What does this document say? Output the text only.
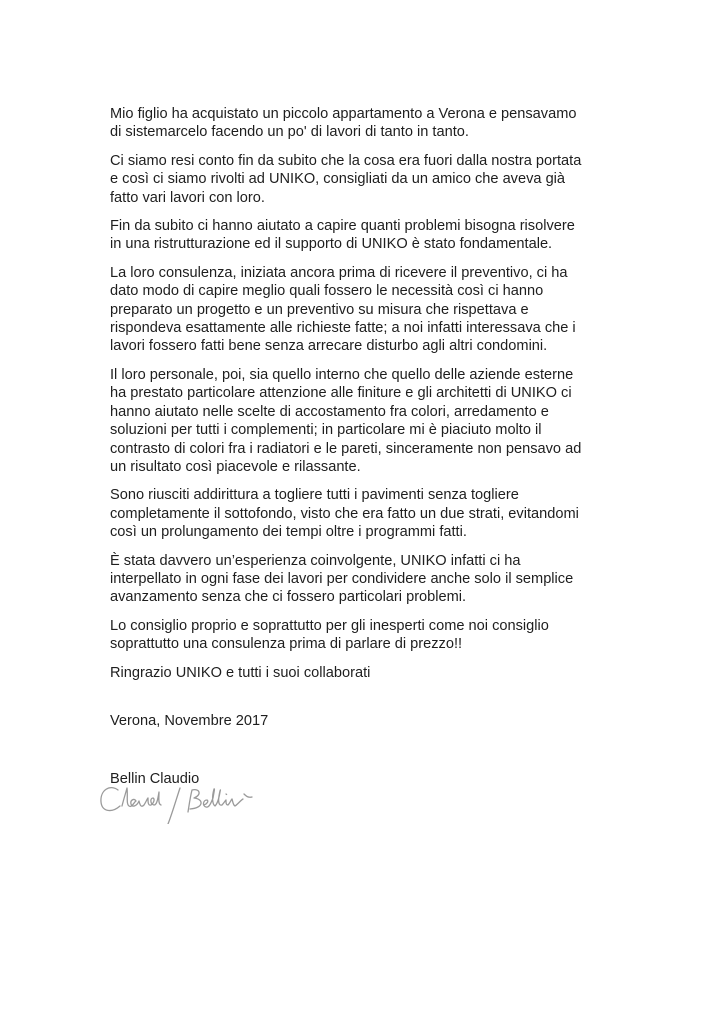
Mio figlio ha acquistato un piccolo appartamento a Verona e pensavamo
di sistemarcelo facendo un po' di lavori di tanto in tanto.

Ci siamo resi conto fin da subito che la cosa era fuori dalla nostra portata
e così ci siamo rivolti ad UNIKO, consigliati da un amico che aveva già
fatto vari lavori con loro.

Fin da subito ci hanno aiutato a capire quanti problemi bisogna risolvere
in una ristrutturazione ed il supporto di UNIKO è stato fondamentale.

La loro consulenza, iniziata ancora prima di ricevere il preventivo, ci ha
dato modo di capire meglio quali fossero le necessità così ci hanno
preparato un progetto e un preventivo su misura che rispettava e
rispondeva esattamente alle richieste fatte; a noi infatti interessava che i
lavori fossero fatti bene senza arrecare disturbo agli altri condomini.

Il loro personale, poi, sia quello interno che quello delle aziende esterne
ha prestato particolare attenzione alle finiture e gli architetti di UNIKO ci
hanno aiutato nelle scelte di accostamento fra colori, arredamento e
soluzioni per tutti i complementi; in particolare mi è piaciuto molto il
contrasto di colori fra i radiatori e le pareti, sinceramente non pensavo ad
un risultato così piacevole e rilassante.

Sono riusciti addirittura a togliere tutti i pavimenti senza togliere
completamente il sottofondo, visto che era fatto un due strati, evitandomi
così un prolungamento dei tempi oltre i programmi fatti.

È stata davvero un’esperienza coinvolgente, UNIKO infatti ci ha
interpellato in ogni fase dei lavori per condividere anche solo il semplice
avanzamento senza che ci fossero particolari problemi.

Lo consiglio proprio e soprattutto per gli inesperti come noi consiglio
soprattutto una consulenza prima di parlare di prezzo!!

Ringrazio UNIKO e tutti i suoi collaborati

Verona, Novembre 2017

Bellin Claudio
